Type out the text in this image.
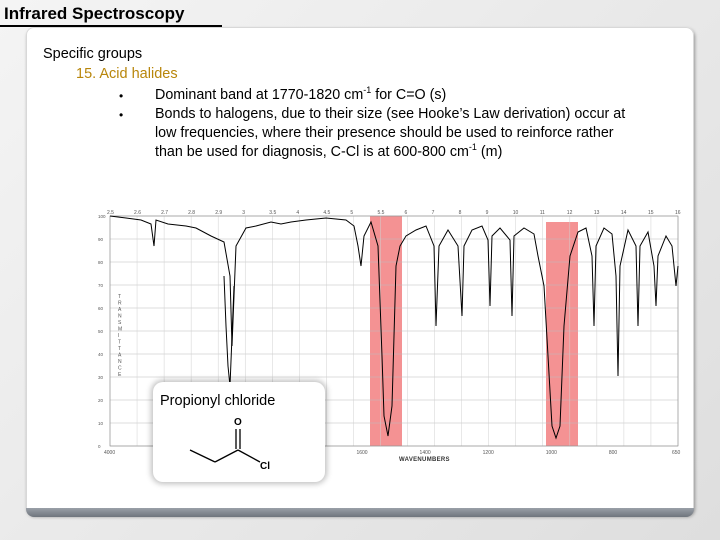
Infrared Spectroscopy
Specific groups
15. Acid halides
• Dominant band at 1770-1820 $cm^{-1}$ for C=O (s)
• Bonds to halogens, due to their size (see Hooke’s Law derivation) occur at
low frequencies, where their presence should be used to reinforce rather
than be used for diagnosis, C-Cl is at 600-800 $cm^{-1}$ (m)
2.5	2.6	2.7	2.8	2.9	3	3.5	4	4.5	5	5.5	6	7	8	9	10	11	12	13	14	15	16
100
90
80
70
60
50
40
30
20
10
0
4000	1600	1400	1200	1000	800	650
T
R
A
N
S
M
I
T
T
A
N
C
E
WAVENUMBERS
Propionyl chloride
O
Cl
